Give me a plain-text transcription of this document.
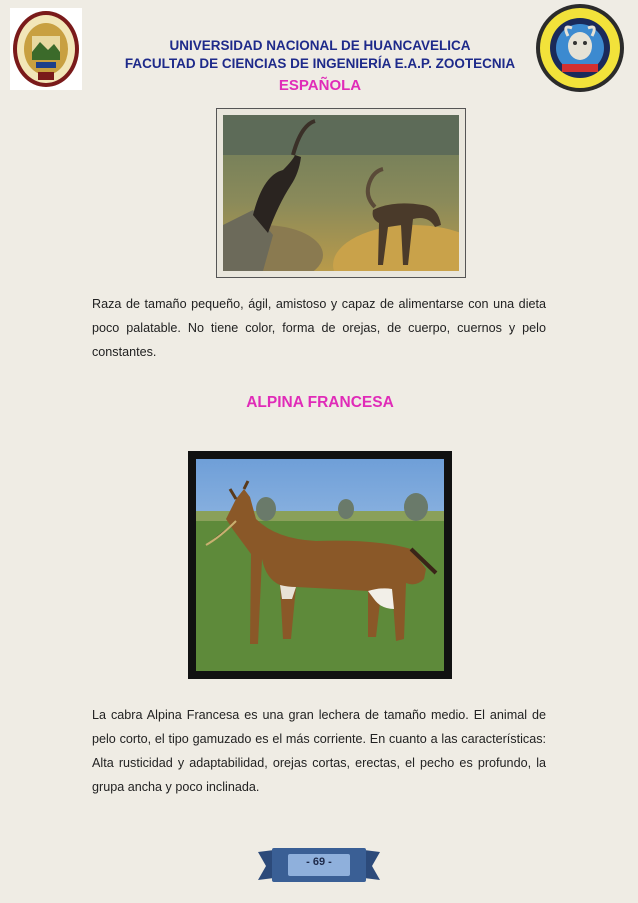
UNIVERSIDAD NACIONAL DE HUANCAVELICA
FACULTAD DE CIENCIAS DE INGENIERÍA E.A.P. ZOOTECNIA
ESPAÑOLA
Raza de tamaño pequeño, ágil, amistoso y capaz de alimentarse con una dieta poco palatable. No tiene color, forma de orejas, de cuerpo, cuernos y pelo constantes.
ALPINA FRANCESA
La cabra Alpina Francesa es una gran lechera de tamaño medio. El animal de pelo corto, el tipo gamuzado es el más corriente. En cuanto a las características: Alta rusticidad y adaptabilidad, orejas cortas, erectas, el pecho es profundo, la grupa ancha y poco inclinada.
- 69 -
